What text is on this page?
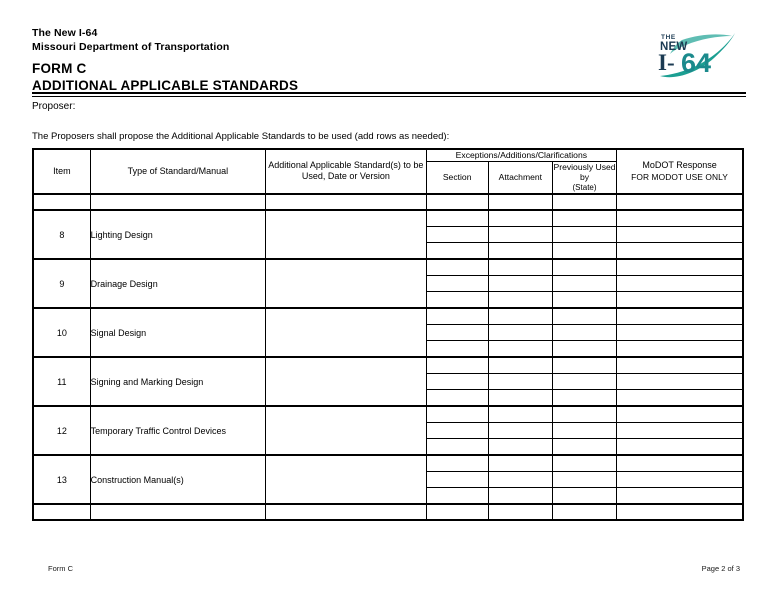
The New I-64
Missouri Department of Transportation
FORM C
ADDITIONAL APPLICABLE STANDARDS
THE
NEW
I- 64
Proposer:
The Proposers shall propose the Additional Applicable Standards to be used (add rows as needed):
Item	Type of Standard/Manual	Additional Applicable Standard(s) to be Used, Date or Version	Exceptions/Additions/Clarifications			MoDOT Response
FOR MODOT USE ONLY

			Section	Attachment	Previously Used by
(State)	

8	Lighting Design					

9	Drainage Design					

10	Signal Design					

11	Signing and Marking Design					

12	Temporary Traffic Control Devices					

13	Construction Manual(s)					

Form C	Page 2 of 3
